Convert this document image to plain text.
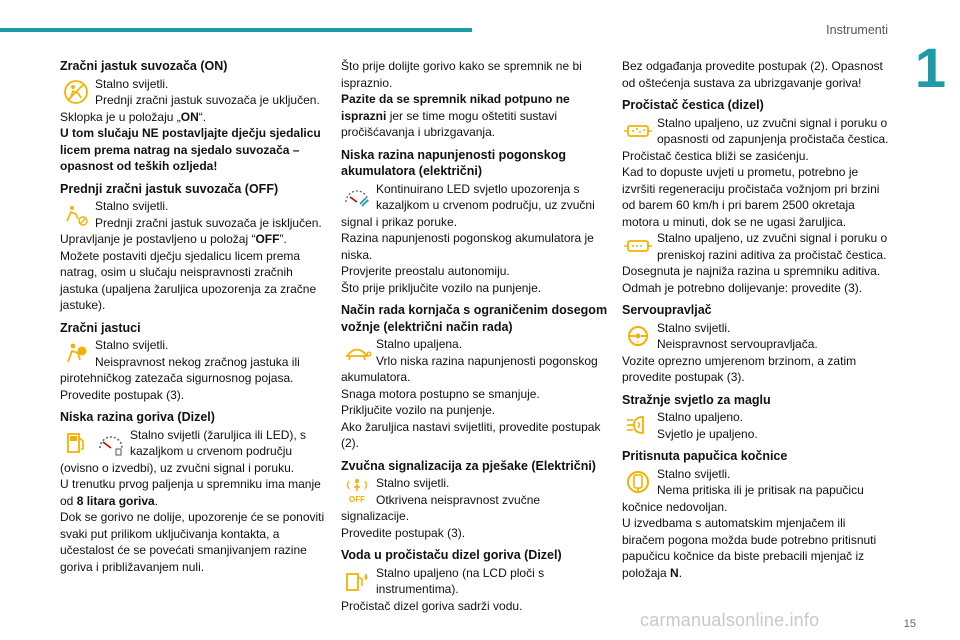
Instrumenti
1
Zračni jastuk suvozača (ON)

Stalno svijetli.

Prednji zračni jastuk suvozača je uključen.

Sklopka je u položaju „ON“.

U tom slučaju NE postavljajte dječju sjedalicu licem prema natrag na sjedalo suvozača – opasnost od teških ozljeda!

Prednji zračni jastuk suvozača (OFF)

Stalno svijetli.

Prednji zračni jastuk suvozača je isključen.

Upravljanje je postavljeno u položaj “OFF”.

Možete postaviti dječju sjedalicu licem prema natrag, osim u slučaju neispravnosti zračnih jastuka (upaljena žaruljica upozorenja za zračne jastuke).

Zračni jastuci

Stalno svijetli.

Neispravnost nekog zračnog jastuka ili pirotehničkog zatezača sigurnosnog pojasa.

Provedite postupak (3).

Niska razina goriva (Dizel)

Stalno svijetli (žaruljica ili LED), s kazaljkom u crvenom području (ovisno o izvedbi), uz zvučni signal i poruku.

U trenutku prvog paljenja u spremniku ima manje od 8 litara goriva.

Dok se gorivo ne dolije, upozorenje će se ponoviti svaki put prilikom uključivanja kontakta, a učestalost će se povećati smanjivanjem razine goriva i približavanjem nuli.

Što prije dolijte gorivo kako se spremnik ne bi ispraznio.

Pazite da se spremnik nikad potpuno ne isprazni jer se time mogu oštetiti sustavi pročišćavanja i ubrizgavanja.

Niska razina napunjenosti pogonskog akumulatora (električni)

Kontinuirano LED svjetlo upozorenja s kazaljkom u crvenom području, uz zvučni signal i prikaz poruke.

Razina napunjenosti pogonskog akumulatora je niska.

Provjerite preostalu autonomiju.

Što prije priključite vozilo na punjenje.

Način rada kornjača s ograničenim dosegom vožnje (električni način rada)

Stalno upaljena.

Vrlo niska razina napunjenosti pogonskog akumulatora.

Snaga motora postupno se smanjuje.

Priključite vozilo na punjenje.

Ako žaruljica nastavi svijetliti, provedite postupak (2).

Zvučna signalizacija za pješake (Električni)
OFF

Stalno svijetli.

Otkrivena neispravnost zvučne signalizacije.

Provedite postupak (3).

Voda u pročistaču dizel goriva (Dizel)

Stalno upaljeno (na LCD ploči s instrumentima).

Pročistač dizel goriva sadrži vodu.

Bez odgađanja provedite postupak (2). Opasnost od oštećenja sustava za ubrizgavanje goriva!

Pročistač čestica (dizel)

Stalno upaljeno, uz zvučni signal i poruku o opasnosti od zapunjenja pročistača čestica.

Pročistač čestica bliži se zasićenju.

Kad to dopuste uvjeti u prometu, potrebno je izvršiti regeneraciju pročistača vožnjom pri brzini od barem 60 km/h i pri barem 2500 okretaja motora u minuti, dok se ne ugasi žaruljica.

Stalno upaljeno, uz zvučni signal i poruku o preniskoj razini aditiva za pročistač čestica.

Dosegnuta je najniža razina u spremniku aditiva. Odmah je potrebno dolijevanje: provedite (3).

Servoupravljač
!

Stalno svijetli.

Neispravnost servoupravljača.

Vozite oprezno umjerenom brzinom, a zatim provedite postupak (3).

Stražnje svjetlo za maglu

Stalno upaljeno.

Svjetlo je upaljeno.

Pritisnuta papučica kočnice

Stalno svijetli.

Nema pritiska ili je pritisak na papučicu kočnice nedovoljan.

U izvedbama s automatskim mjenjačem ili biračem pogona možda bude potrebno pritisnuti papučicu kočnice da biste prebacili mjenjač iz položaja N.

carmanualsonline.info	15
